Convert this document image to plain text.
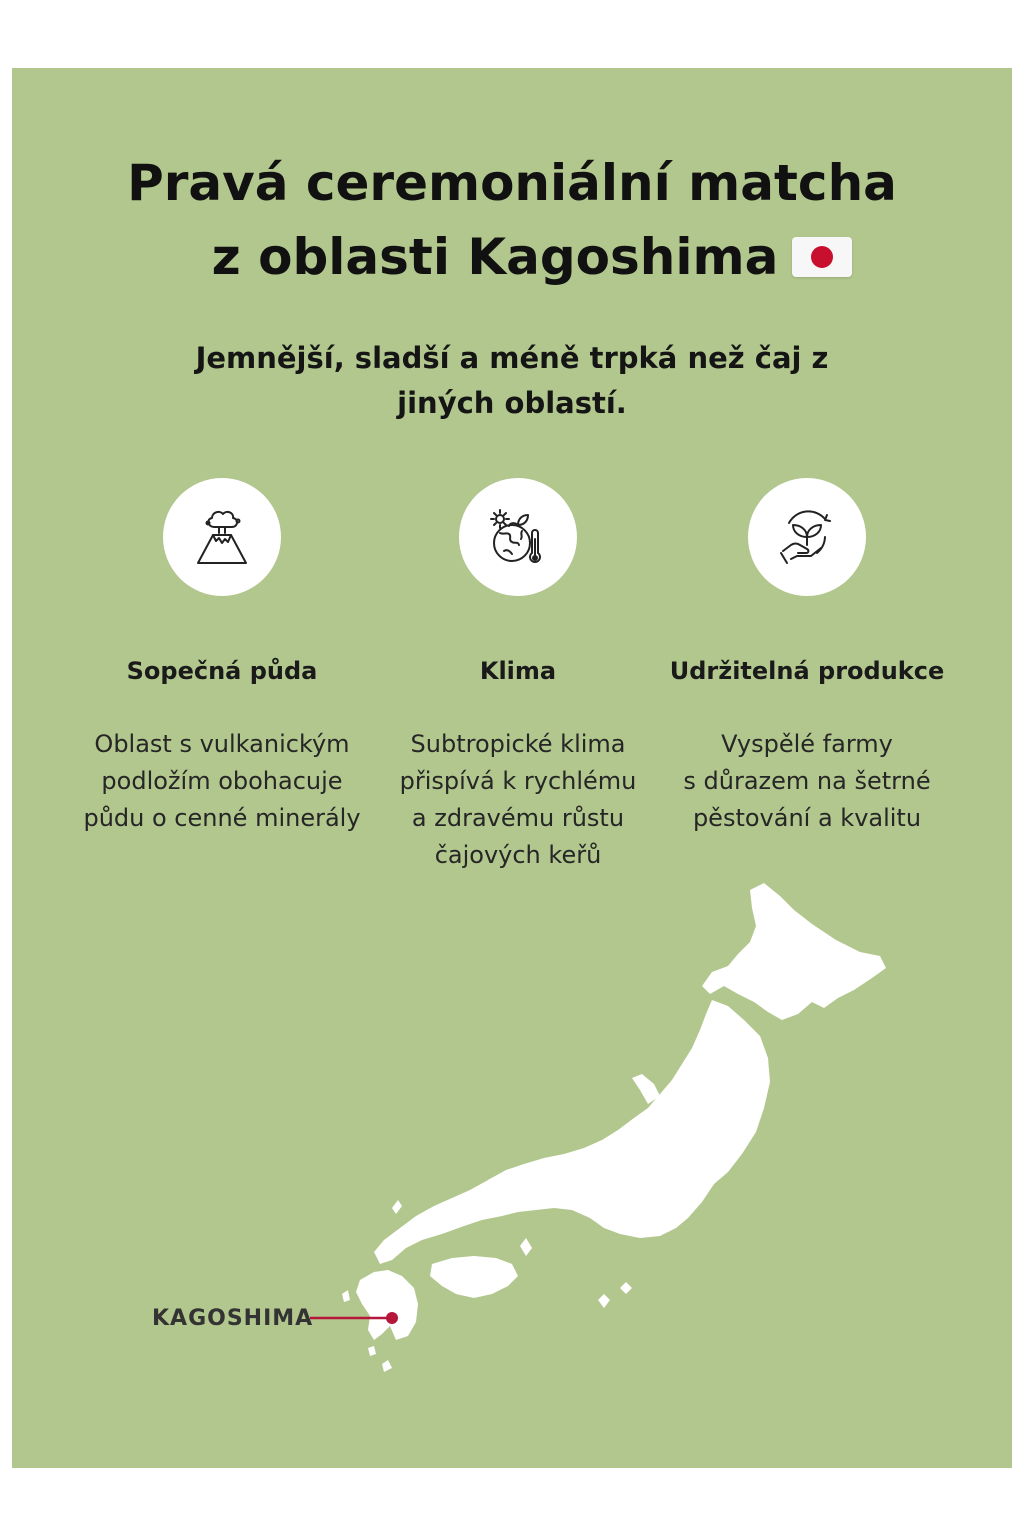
Pravá ceremoniální matcha
z oblasti Kagoshima

Jemnější, sladší a méně trpká než čaj z jiných oblastí.

Sopečná půda

Oblast s vulkanickým
podložím obohacuje
půdu o cenné minerály

Klima

Subtropické klima
přispívá k rychlému
a zdravému růstu
čajových keřů

Udržitelná produkce

Vyspělé farmy
s důrazem na šetrné
pěstování a kvalitu

KAGOSHIMA
